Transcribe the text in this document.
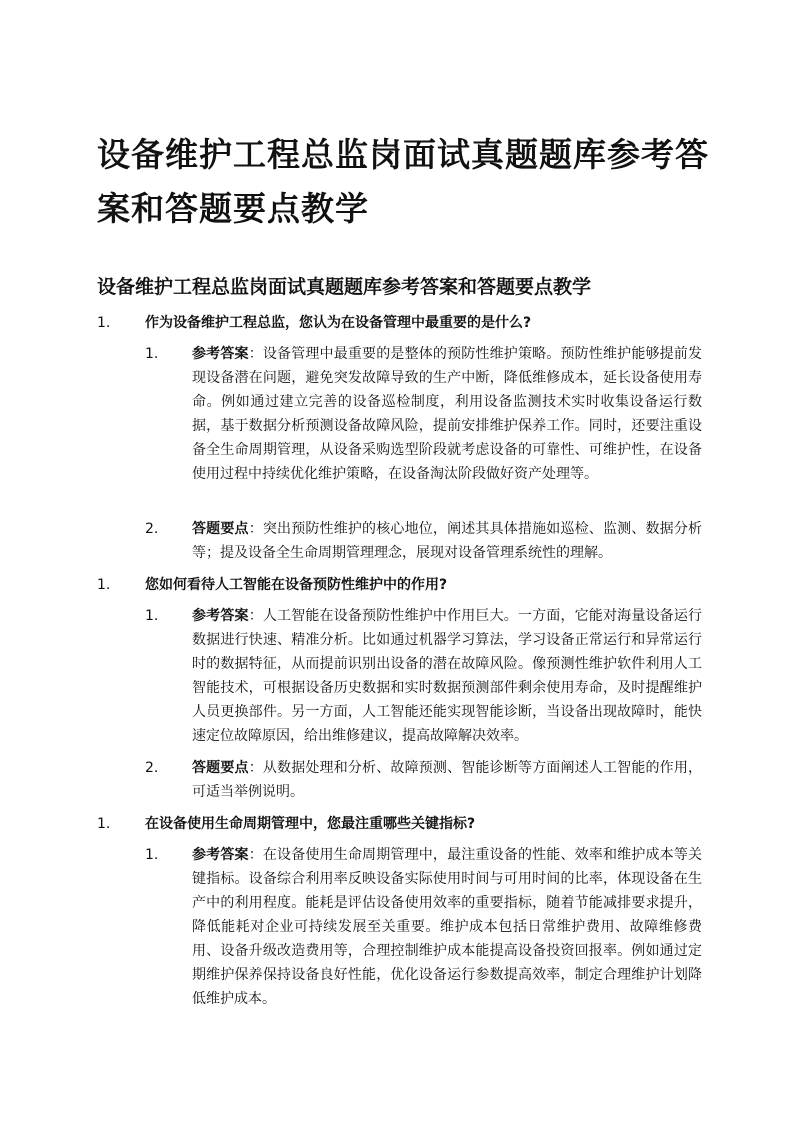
设备维护工程总监岗面试真题题库参考答案和答题要点教学
设备维护工程总监岗面试真题题库参考答案和答题要点教学
1. 作为设备维护工程总监，您认为在设备管理中最重要的是什么?
1. 参考答案：设备管理中最重要的是整体的预防性维护策略。预防性维护能够提前发现设备潜在问题，避免突发故障导致的生产中断，降低维修成本，延长设备使用寿命。例如通过建立完善的设备巡检制度，利用设备监测技术实时收集设备运行数据，基于数据分析预测设备故障风险，提前安排维护保养工作。同时，还要注重设备全生命周期管理，从设备采购选型阶段就考虑设备的可靠性、可维护性，在设备使用过程中持续优化维护策略，在设备淘汰阶段做好资产处理等。

2. 答题要点：突出预防性维护的核心地位，阐述其具体措施如巡检、监测、数据分析等；提及设备全生命周期管理理念，展现对设备管理系统性的理解。

1. 您如何看待人工智能在设备预防性维护中的作用?
1. 参考答案：人工智能在设备预防性维护中作用巨大。一方面，它能对海量设备运行数据进行快速、精准分析。比如通过机器学习算法，学习设备正常运行和异常运行时的数据特征，从而提前识别出设备的潜在故障风险。像预测性维护软件利用人工智能技术，可根据设备历史数据和实时数据预测部件剩余使用寿命，及时提醒维护人员更换部件。另一方面，人工智能还能实现智能诊断，当设备出现故障时，能快速定位故障原因，给出维修建议，提高故障解决效率。

2. 答题要点：从数据处理和分析、故障预测、智能诊断等方面阐述人工智能的作用，可适当举例说明。

1. 在设备使用生命周期管理中，您最注重哪些关键指标?
1. 参考答案：在设备使用生命周期管理中，最注重设备的性能、效率和维护成本等关键指标。设备综合利用率反映设备实际使用时间与可用时间的比率，体现设备在生产中的利用程度。能耗是评估设备使用效率的重要指标，随着节能减排要求提升，降低能耗对企业可持续发展至关重要。维护成本包括日常维护费用、故障维修费用、设备升级改造费用等，合理控制维护成本能提高设备投资回报率。例如通过定期维护保养保持设备良好性能，优化设备运行参数提高效率，制定合理维护计划降低维护成本。
